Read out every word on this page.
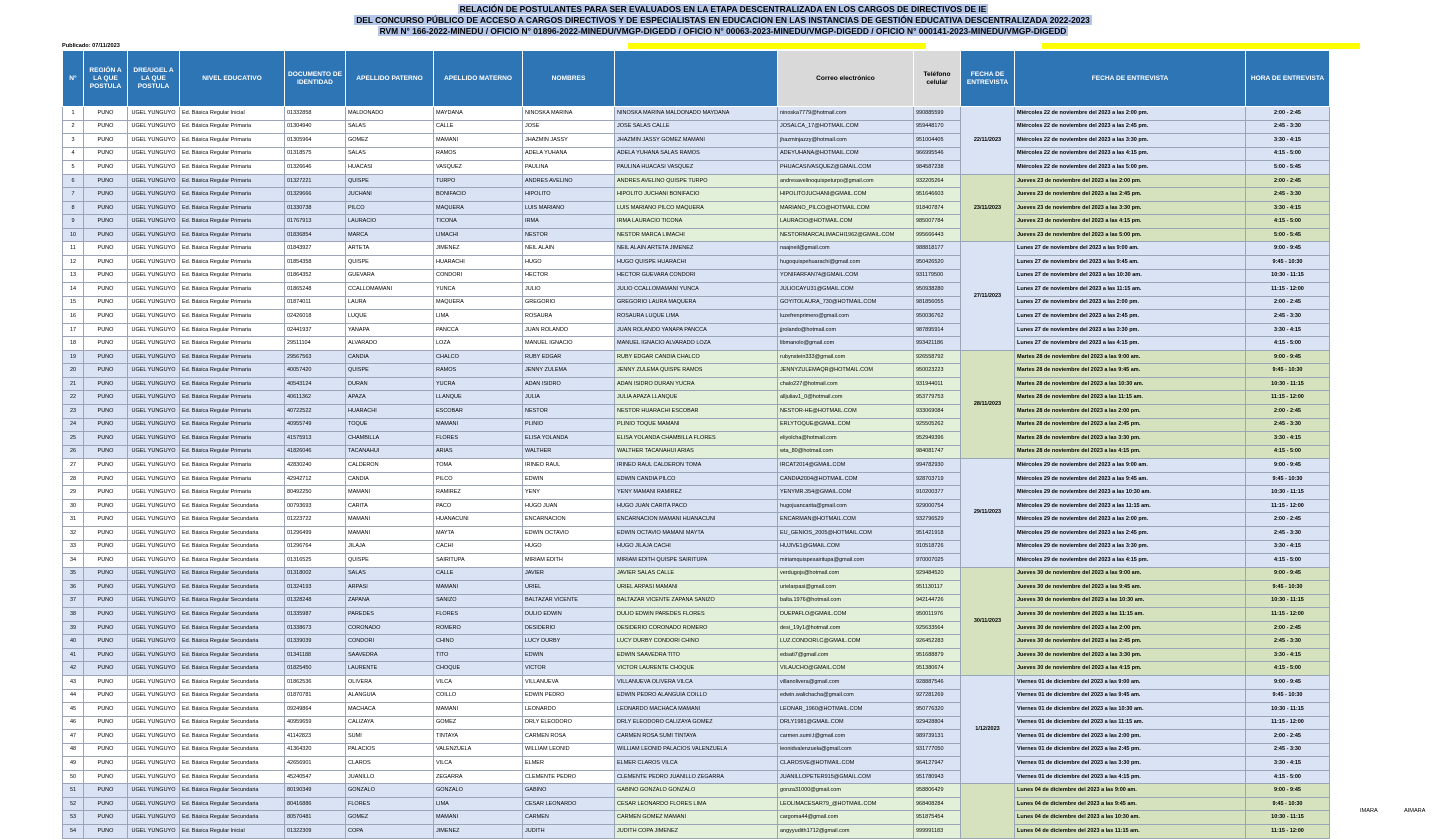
RELACIÓN DE POSTULANTES PARA SER EVALUADOS EN LA ETAPA DESCENTRALIZADA EN LOS CARGOS DE DIRECTIVOS DE IE
DEL CONCURSO PÚBLICO DE ACCESO A CARGOS DIRECTIVOS Y DE ESPECIALISTAS EN EDUCACION EN LAS INSTANCIAS DE GESTIÓN EDUCATIVA DESCENTRALIZADA 2022-2023
RVM N° 166-2022-MINEDU / OFICIO N° 01896-2022-MINEDU/VMGP-DIGEDD / OFICIO N° 00063-2023-MINEDU/VMGP-DIGEDD / OFICIO N° 000141-2023-MINEDU/VMGP-DIGEDD
Publicado: 07/11/2023
N°	REGIÓN A LA QUE POSTULA	DRE/UGEL A LA QUE POSTULA	NIVEL EDUCATIVO	DOCUMENTO DE IDENTIDAD	APELLIDO PATERNO	APELLIDO MATERNO	NOMBRES		Correo electrónico	Teléfono celular	FECHA DE ENTREVISTA	FECHA DE ENTREVISTA	HORA DE ENTREVISTA
1	PUNO	UGEL YUNGUYO	Ed. Básica Regular Inicial	01332858	MALDONADO	MAYDANA	NINOSKA MARINA	NINOSKA MARINA MALDONADO MAYDANA	ninoska7779@hotmail.com	990885599	22/11/2023	Miércoles 22 de noviembre del 2023 a las 2:00 pm.	2:00 - 2:45
2	PUNO	UGEL YUNGUYO	Ed. Básica Regular Primaria	01304940	SALAS	CALLE	JOSE	JOSE SALAS CALLE	JOSALCA_17@HOTMAIL.COM	959448170		Miércoles 22 de noviembre del 2023 a las 2:45 pm.	2:45 - 3:30
3	PUNO	UGEL YUNGUYO	Ed. Básica Regular Primaria	01305964	GOMEZ	MAMANI	JHAZMIN JASSY	JHAZMIN JASSY GOMEZ MAMANI	jhazminjazzy@hotmail.com	951004405		Miércoles 22 de noviembre del 2023 a las 3:30 pm.	3:30 - 4:15
4	PUNO	UGEL YUNGUYO	Ed. Básica Regular Primaria	01318575	SALAS	RAMOS	ADELA YUHANA	ADELA YUHANA SALAS RAMOS	ADEYUHANA@HOTMAIL.COM	966995546		Miércoles 22 de noviembre del 2023 a las 4:15 pm.	4:15 - 5:00
5	PUNO	UGEL YUNGUYO	Ed. Básica Regular Primaria	01326646	HUACASI	VASQUEZ	PAULINA	PAULINA HUACASI VASQUEZ	PHUACASIVASQUEZ@GMAIL.COM	984587238		Miércoles 22 de noviembre del 2023 a las 5:00 pm.	5:00 - 5:45
6	PUNO	UGEL YUNGUYO	Ed. Básica Regular Primaria	01327221	QUISPE	TURPO	ANDRES AVELINO	ANDRES AVELINO QUISPE TURPO	andresavelinoquispeturpo@gmail.com	932205264	23/11/2023	Jueves 23 de noviembre del 2023 a las 2:00 pm.	2:00 - 2:45
7	PUNO	UGEL YUNGUYO	Ed. Básica Regular Primaria	01329666	JUCHANI	BONIFACIO	HIPOLITO	HIPOLITO JUCHANI BONIFACIO	HIPOLITOJUCHANI@GMAIL.COM	951646603		Jueves 23 de noviembre del 2023 a las 2:45 pm.	2:45 - 3:30
8	PUNO	UGEL YUNGUYO	Ed. Básica Regular Primaria	01330738	PILCO	MAQUERA	LUIS MARIANO	LUIS MARIANO PILCO MAQUERA	MARIANO_PILCO@HOTMAIL.COM	918407874		Jueves 23 de noviembre del 2023 a las 3:30 pm.	3:30 - 4:15
9	PUNO	UGEL YUNGUYO	Ed. Básica Regular Primaria	01767913	LAURACIO	TICONA	IRMA	IRMA LAURACIO TICONA	LAURACIO@HOTMAIL.COM	985007784		Jueves 23 de noviembre del 2023 a las 4:15 pm.	4:15 - 5:00
10	PUNO	UGEL YUNGUYO	Ed. Básica Regular Primaria	01836854	MARCA	LIMACHI	NESTOR	NESTOR MARCA LIMACHI	NESTORMARCALIMACHI1962@GMAIL.COM	995666443		Jueves 23 de noviembre del 2023 a las 5:00 pm.	5:00 - 5:45
11	PUNO	UGEL YUNGUYO	Ed. Básica Regular Primaria	01843927	ARTETA	JIMENEZ	NEIL ALAIN	NEIL ALAIN ARTETA JIMENEZ	naajneil@gmail.com	988818177	27/11/2023	Lunes 27 de noviembre del 2023 a las 9:00 am.	9:00 - 9:45
12	PUNO	UGEL YUNGUYO	Ed. Básica Regular Primaria	01854358	QUISPE	HUARACHI	HUGO	HUGO QUISPE HUARACHI	hugoquispehuarachi@gmail.com	950426520		Lunes 27 de noviembre del 2023 a las 9:45 am.	9:45 - 10:30
13	PUNO	UGEL YUNGUYO	Ed. Básica Regular Primaria	01864352	GUEVARA	CONDORI	HECTOR	HECTOR GUEVARA CONDORI	YONIFARFAN74@GMAIL.COM	931179500		Lunes 27 de noviembre del 2023 a las 10:30 am.	10:30 - 11:15
14	PUNO	UGEL YUNGUYO	Ed. Básica Regular Primaria	01865248	CCALLOMAMANI	YUNCA	JULIO	JULIO CCALLOMAMANI YUNCA	JULIOCAYU31@GMAIL.COM	950938280		Lunes 27 de noviembre del 2023 a las 11:15 am.	11:15 - 12:00
15	PUNO	UGEL YUNGUYO	Ed. Básica Regular Primaria	01874011	LAURA	MAQUERA	GREGORIO	GREGORIO LAURA MAQUERA	GOYITOLAURA_730@HOTMAIL.COM	981856055		Lunes 27 de noviembre del 2023 a las 2:00 pm.	2:00 - 2:45
16	PUNO	UGEL YUNGUYO	Ed. Básica Regular Primaria	02426018	LUQUE	LIMA	ROSAURA	ROSAURA LUQUE LIMA	luzefrenprimero@gmail.com	950036762		Lunes 27 de noviembre del 2023 a las 2:45 pm.	2:45 - 3:30
17	PUNO	UGEL YUNGUYO	Ed. Básica Regular Primaria	02441937	YANAPA	PANCCA	JUAN ROLANDO	JUAN ROLANDO YANAPA PANCCA	jjrolando@hotmail.com	987895914		Lunes 27 de noviembre del 2023 a las 3:30 pm.	3:30 - 4:15
18	PUNO	UGEL YUNGUYO	Ed. Básica Regular Primaria	29511104	ALVARADO	LOZA	MANUEL IGNACIO	MANUEL IGNACIO ALVARADO LOZA	libmanolo@gmail.com	993421186		Lunes 27 de noviembre del 2023 a las 4:15 pm.	4:15 - 5:00
19	PUNO	UGEL YUNGUYO	Ed. Básica Regular Primaria	29567563	CANDIA	CHALCO	RUBY EDGAR	RUBY EDGAR CANDIA CHALCO	rubynstein333@gmail.com	926558792	28/11/2023	Martes 28 de noviembre del 2023 a las 9:00 am.	9:00 - 9:45
20	PUNO	UGEL YUNGUYO	Ed. Básica Regular Primaria	40057420	QUISPE	RAMOS	JENNY ZULEMA	JENNY ZULEMA QUISPE RAMOS	JENNYZULEMAQR@HOTMAIL.COM	950023223		Martes 28 de noviembre del 2023 a las 9:45 am.	9:45 - 10:30
21	PUNO	UGEL YUNGUYO	Ed. Básica Regular Primaria	40543124	DURAN	YUCRA	ADAN ISIDRO	ADAN ISIDRO DURAN YUCRA	chalo227@hotmail.com	931944011		Martes 28 de noviembre del 2023 a las 10:30 am.	10:30 - 11:15
22	PUNO	UGEL YUNGUYO	Ed. Básica Regular Primaria	40611362	APAZA	LLANQUE	JULIA	JULIA APAZA LLANQUE	alljuliav1_0@hotmail.com	953779753		Martes 28 de noviembre del 2023 a las 11:15 am.	11:15 - 12:00
23	PUNO	UGEL YUNGUYO	Ed. Básica Regular Primaria	40722522	HUARACHI	ESCOBAR	NESTOR	NESTOR HUARACHI ESCOBAR	NESTOR-HE@HOTMAIL.COM	933069084		Martes 28 de noviembre del 2023 a las 2:00 pm.	2:00 - 2:45
24	PUNO	UGEL YUNGUYO	Ed. Básica Regular Primaria	40955749	TOQUE	MAMANI	PLINIO	PLINIO TOQUE MAMANI	ERLYTOQUE@GMAIL.COM	925505262		Martes 28 de noviembre del 2023 a las 2:45 pm.	2:45 - 3:30
25	PUNO	UGEL YUNGUYO	Ed. Básica Regular Primaria	41575913	CHAMBILLA	FLORES	ELISA YOLANDA	ELISA YOLANDA CHAMBILLA FLORES	eliyolcha@hotmail.com	952949396		Martes 28 de noviembre del 2023 a las 3:30 pm.	3:30 - 4:15
26	PUNO	UGEL YUNGUYO	Ed. Básica Regular Primaria	41826046	TACANAHUI	ARIAS	WALTHER	WALTHER TACANAHUI ARIAS	wta_80@hotmail.com	984081747		Martes 28 de noviembre del 2023 a las 4:15 pm.	4:15 - 5:00
27	PUNO	UGEL YUNGUYO	Ed. Básica Regular Primaria	42830240	CALDERON	TOMA	IRINEO RAUL	IRINEO RAUL CALDERON TOMA	IRCAT2014@GMAIL.COM	994782930	29/11/2023	Miércoles 29 de noviembre del 2023 a las 9:00 am.	9:00 - 9:45
28	PUNO	UGEL YUNGUYO	Ed. Básica Regular Primaria	42942712	CANDIA	PILCO	EDWIN	EDWIN CANDIA PILCO	CANDIA2004@HOTMAIL.COM	928703719		Miércoles 29 de noviembre del 2023 a las 9:45 am.	9:45 - 10:30
29	PUNO	UGEL YUNGUYO	Ed. Básica Regular Primaria	80492250	MAMANI	RAMIREZ	YENY	YENY MAMANI RAMIREZ	YENYMR.354@GMAIL.COM	910200377		Miércoles 29 de noviembre del 2023 a las 10:30 am.	10:30 - 11:15
30	PUNO	UGEL YUNGUYO	Ed. Básica Regular Secundaria	00793693	CARITA	PACO	HUGO JUAN	HUGO JUAN CARITA PACO	hugojuancarita@gmail.com	929000754		Miércoles 29 de noviembre del 2023 a las 11:15 am.	11:15 - 12:00
31	PUNO	UGEL YUNGUYO	Ed. Básica Regular Secundaria	01223722	MAMANI	HUANACUNI	ENCARNACION	ENCARNACION MAMANI HUANACUNI	ENCARMAN@HOTMAIL.COM	932796529		Miércoles 29 de noviembre del 2023 a las 2:00 pm.	2:00 - 2:45
32	PUNO	UGEL YUNGUYO	Ed. Básica Regular Secundaria	01296499	MAMANI	MAYTA	EDWIN OCTAVIO	EDWIN OCTAVIO MAMANI MAYTA	EU_GENIOS_2005@HOTMAIL.COM	951421918		Miércoles 29 de noviembre del 2023 a las 2:45 pm.	2:45 - 3:30
33	PUNO	UGEL YUNGUYO	Ed. Básica Regular Secundaria	01296764	JILAJA	CACHI	HUGO	HUGO JILAJA CACHI	HUJIVE1@GMAIL.COM	910518726		Miércoles 29 de noviembre del 2023 a las 3:30 pm.	3:30 - 4:15
34	PUNO	UGEL YUNGUYO	Ed. Básica Regular Secundaria	01316525	QUISPE	SAIRITUPA	MIRIAM EDITH	MIRIAM EDITH QUISPE SAIRITUPA	miriamquispesairitupa@gmail.com	970007025		Miércoles 29 de noviembre del 2023 a las 4:15 pm.	4:15 - 5:00
35	PUNO	UGEL YUNGUYO	Ed. Básica Regular Secundaria	01318002	SALAS	CALLE	JAVIER	JAVIER SALAS CALLE	verdugojs@hotmail.com	929484520	30/11/2023	Jueves 30 de noviembre del 2023 a las 9:00 am.	9:00 - 9:45
36	PUNO	UGEL YUNGUYO	Ed. Básica Regular Secundaria	01324193	ARPASI	MAMANI	URIEL	URIEL ARPASI MAMANI	urielarpasi@gmail.com	951130117		Jueves 30 de noviembre del 2023 a las 9:45 am.	9:45 - 10:30
37	PUNO	UGEL YUNGUYO	Ed. Básica Regular Secundaria	01328248	ZAPANA	SANIZO	BALTAZAR VICENTE	BALTAZAR VICENTE ZAPANA SANIZO	balta.1976@hotmail.com	942144726		Jueves 30 de noviembre del 2023 a las 10:30 am.	10:30 - 11:15
38	PUNO	UGEL YUNGUYO	Ed. Básica Regular Secundaria	01335987	PAREDES	FLORES	DULIO EDWIN	DULIO EDWIN PAREDES FLORES	DUEPAFLO@GMAIL.COM	950011976		Jueves 30 de noviembre del 2023 a las 11:15 am.	11:15 - 12:00
39	PUNO	UGEL YUNGUYO	Ed. Básica Regular Secundaria	01338673	CORONADO	ROMERO	DESIDERIO	DESIDERIO CORONADO ROMERO	desi_19y1@hotmail.com	925633564		Jueves 30 de noviembre del 2023 a las 2:00 pm.	2:00 - 2:45
40	PUNO	UGEL YUNGUYO	Ed. Básica Regular Secundaria	01339039	CONDORI	CHINO	LUCY DURBY	LUCY DURBY CONDORI CHINO	LUZ.CONDORI.C@GMAIL.COM	926452283		Jueves 30 de noviembre del 2023 a las 2:45 pm.	2:45 - 3:30
41	PUNO	UGEL YUNGUYO	Ed. Básica Regular Secundaria	01341188	SAAVEDRA	TITO	EDWIN	EDWIN SAAVEDRA TITO	edsati7@gmail.com	951688879		Jueves 30 de noviembre del 2023 a las 3:30 pm.	3:30 - 4:15
42	PUNO	UGEL YUNGUYO	Ed. Básica Regular Secundaria	01825450	LAURENTE	CHOQUE	VICTOR	VICTOR LAURENTE CHOQUE	VILAUCHO@GMAIL.COM	951380674		Jueves 30 de noviembre del 2023 a las 4:15 pm.	4:15 - 5:00
43	PUNO	UGEL YUNGUYO	Ed. Básica Regular Secundaria	01862536	OLIVERA	VILCA	VILLANUEVA	VILLANUEVA OLIVERA VILCA	villanolivera@gmail.com	928887546	1/12/2023	Viernes 01 de diciembre del 2023 a las 9:00 am.	9:00 - 9:45
44	PUNO	UGEL YUNGUYO	Ed. Básica Regular Secundaria	01870781	ALANGUIA	COILLO	EDWIN PEDRO	EDWIN PEDRO ALANGUIA COILLO	edwin.walichacha@gmail.com	927281269		Viernes 01 de diciembre del 2023 a las 9:45 am.	9:45 - 10:30
45	PUNO	UGEL YUNGUYO	Ed. Básica Regular Secundaria	09249864	MACHACA	MAMANI	LEONARDO	LEONARDO MACHACA MAMANI	LEONAR_1960@HOTMAIL.COM	950776320		Viernes 01 de diciembre del 2023 a las 10:30 am.	10:30 - 11:15
46	PUNO	UGEL YUNGUYO	Ed. Básica Regular Secundaria	40959659	CALIZAYA	GOMEZ	DRLY ELEODORO	DRLY ELEODORO CALIZAYA GOMEZ	DRLY1981@GMAIL.COM	929428804		Viernes 01 de diciembre del 2023 a las 11:15 am.	11:15 - 12:00
47	PUNO	UGEL YUNGUYO	Ed. Básica Regular Secundaria	41142823	SUMI	TINTAYA	CARMEN ROSA	CARMEN ROSA SUMI TINTAYA	carmen.sumi.t@gmail.com	989739131		Viernes 01 de diciembre del 2023 a las 2:00 pm.	2:00 - 2:45
48	PUNO	UGEL YUNGUYO	Ed. Básica Regular Secundaria	41364320	PALACIOS	VALENZUELA	WILLIAM LEONID	WILLIAM LEONID PALACIOS VALENZUELA	leonidvalenzuela@gmail.com	931777050		Viernes 01 de diciembre del 2023 a las 2:45 pm.	2:45 - 3:30
49	PUNO	UGEL YUNGUYO	Ed. Básica Regular Secundaria	42656901	CLAROS	VILCA	ELMER	ELMER CLAROS VILCA	CLAROSVE@HOTMAIL.COM	964127947		Viernes 01 de diciembre del 2023 a las 3:30 pm.	3:30 - 4:15
50	PUNO	UGEL YUNGUYO	Ed. Básica Regular Secundaria	45240547	JUANILLO	ZEGARRA	CLEMENTE PEDRO	CLEMENTE PEDRO JUANILLO ZEGARRA	JUANILLOPETER915@GMAIL.COM	951780943		Viernes 01 de diciembre del 2023 a las 4:15 pm.	4:15 - 5:00
51	PUNO	UGEL YUNGUYO	Ed. Básica Regular Secundaria	80190349	GONZALO	GONZALO	GABINO	GABINO GONZALO GONZALO	gonza31000@gmail.com	958806429		Lunes 04 de diciembre del 2023 a las 9:00 am.	9:00 - 9:45
52	PUNO	UGEL YUNGUYO	Ed. Básica Regular Secundaria	80416886	FLORES	LIMA	CESAR LEONARDO	CESAR LEONARDO FLORES LIMA	LEOLIMACESAR79_@HOTMAIL.COM	968408284		Lunes 04 de diciembre del 2023 a las 9:45 am.	9:45 - 10:30
53	PUNO	UGEL YUNGUYO	Ed. Básica Regular Secundaria	80570481	GOMEZ	MAMANI	CARMEN	CARMEN GOMEZ MAMANI	cargoma44@gmail.com	951875454		Lunes 04 de diciembre del 2023 a las 10:30 am.	10:30 - 11:15
54	PUNO	UGEL YUNGUYO	Ed. Básica Regular Inicial	01322309	COPA	JIMENEZ	JUDITH	JUDITH COPA JIMENEZ	angyyudith1712@gmail.com	999991183		Lunes 04 de diciembre del 2023 a las 11:15 am.	11:15 - 12:00
IMARA	AIMARA
